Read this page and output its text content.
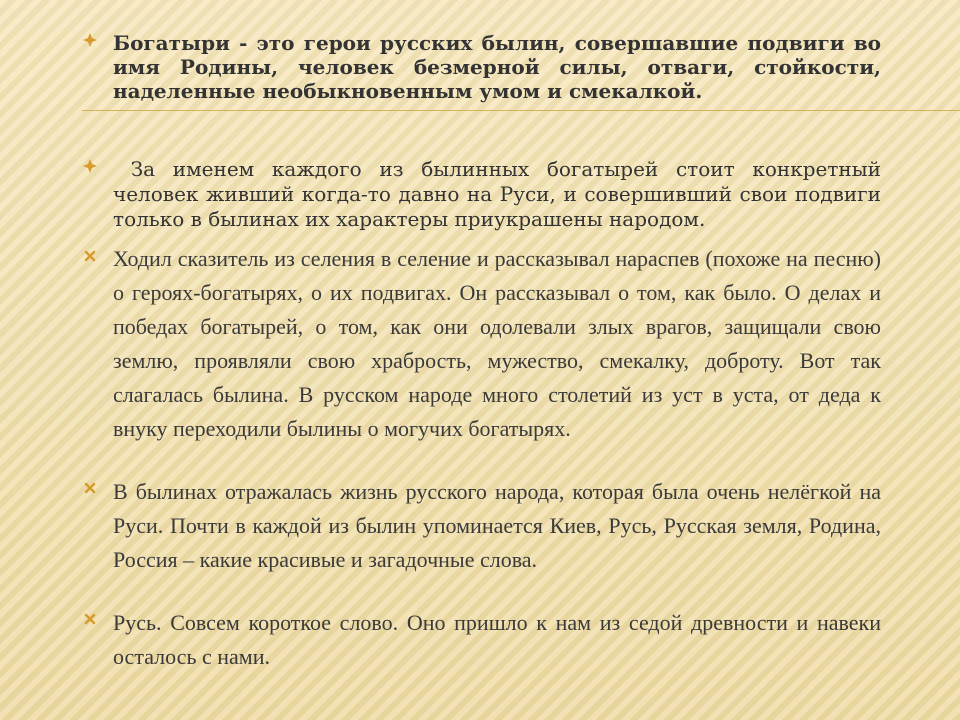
Богатыри - это герои русских былин, совершавшие подвиги во имя Родины, человек безмерной силы, отваги, стойкости, наделенные необыкновенным умом и смекалкой.

За именем каждого из былинных богатырей стоит конкретный человек живший когда-то давно на Руси, и совершивший свои подвиги только в былинах их характеры приукрашены народом.

Ходил сказитель из селения в селение и рассказывал нараспев (похоже на песню) о героях-богатырях, о их подвигах. Он рассказывал о том, как было. О делах и победах богатырей, о том, как они одолевали злых врагов, защищали свою землю, проявляли свою храбрость, мужество, смекалку, доброту. Вот так слагалась былина. В русском народе много столетий из уст в уста, от деда к внуку переходили былины о могучих богатырях.

В былинах отражалась жизнь русского народа, которая была очень нелёгкой на Руси. Почти в каждой из былин упоминается Киев, Русь, Русская земля, Родина, Россия – какие красивые и загадочные слова.

Русь. Совсем короткое слово. Оно пришло к нам из седой древности и навеки осталось с нами.
